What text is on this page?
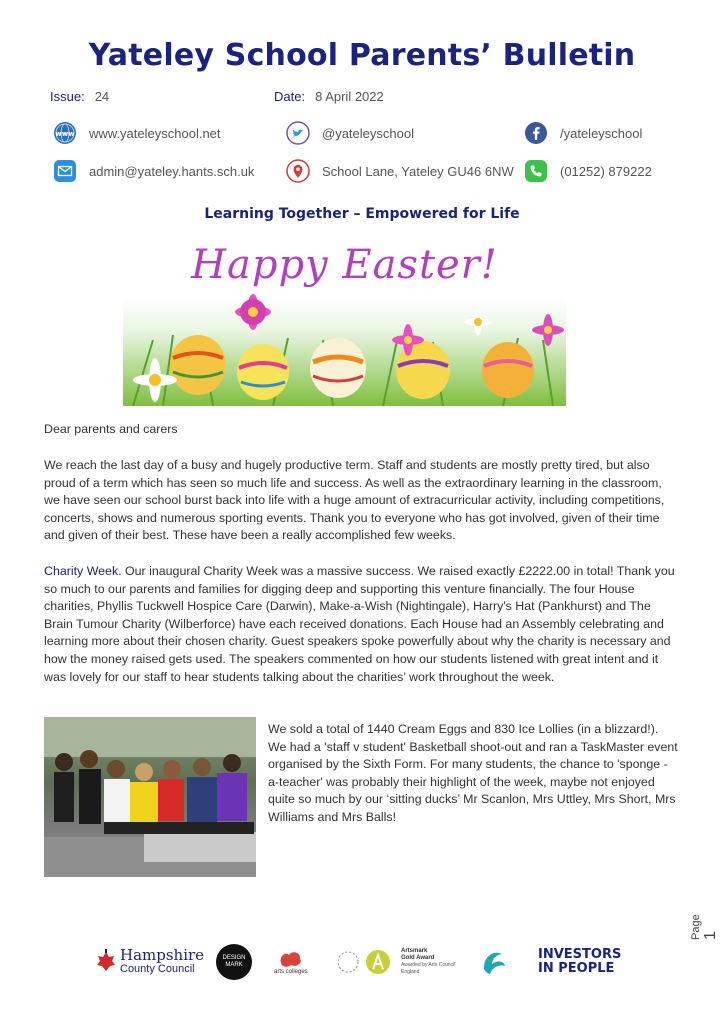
Yateley School Parents’ Bulletin
Issue: 24	Date: 8 April 2022
www www.yateleyschool.net	@yateleyschool	/yateleyschool
admin@yateley.hants.sch.uk	School Lane, Yateley GU46 6NW	(01252) 879222
Learning Together – Empowered for Life
Happy Easter!

Dear parents and carers

We reach the last day of a busy and hugely productive term. Staff and students are mostly pretty tired, but also proud of a term which has seen so much life and success. As well as the extraordinary learning in the classroom, we have seen our school burst back into life with a huge amount of extracurricular activity, including competitions, concerts, shows and numerous sporting events. Thank you to everyone who has got involved, given of their time and given of their best. These have been a really accomplished few weeks.

Charity Week. Our inaugural Charity Week was a massive success. We raised exactly £2222.00 in total! Thank you so much to our parents and families for digging deep and supporting this venture financially. The four House charities, Phyllis Tuckwell Hospice Care (Darwin), Make-a-Wish (Nightingale), Harry's Hat (Pankhurst) and The Brain Tumour Charity (Wilberforce) have each received donations. Each House had an Assembly celebrating and learning more about their chosen charity. Guest speakers spoke powerfully about why the charity is necessary and how the money raised gets used. The speakers commented on how our students listened with great intent and it was lovely for our staff to hear students talking about the charities’ work throughout the week.

We sold a total of 1440 Cream Eggs and 830 Ice Lollies (in a blizzard!). We had a 'staff v student' Basketball shoot-out and ran a TaskMaster event organised by the Sixth Form. For many students, the chance to 'sponge -a-teacher' was probably their highlight of the week, maybe not enjoyed quite so much by our ‘sitting ducks’ Mr Scanlon, Mrs Uttley, Mrs Short, Mrs Williams and Mrs Balls!

Page 1
Hampshire
County Council
DESIGN MARK
arts colleges
Artsmark
Gold Award
Awarded by Arts Council England
INVESTORS
IN PEOPLE
